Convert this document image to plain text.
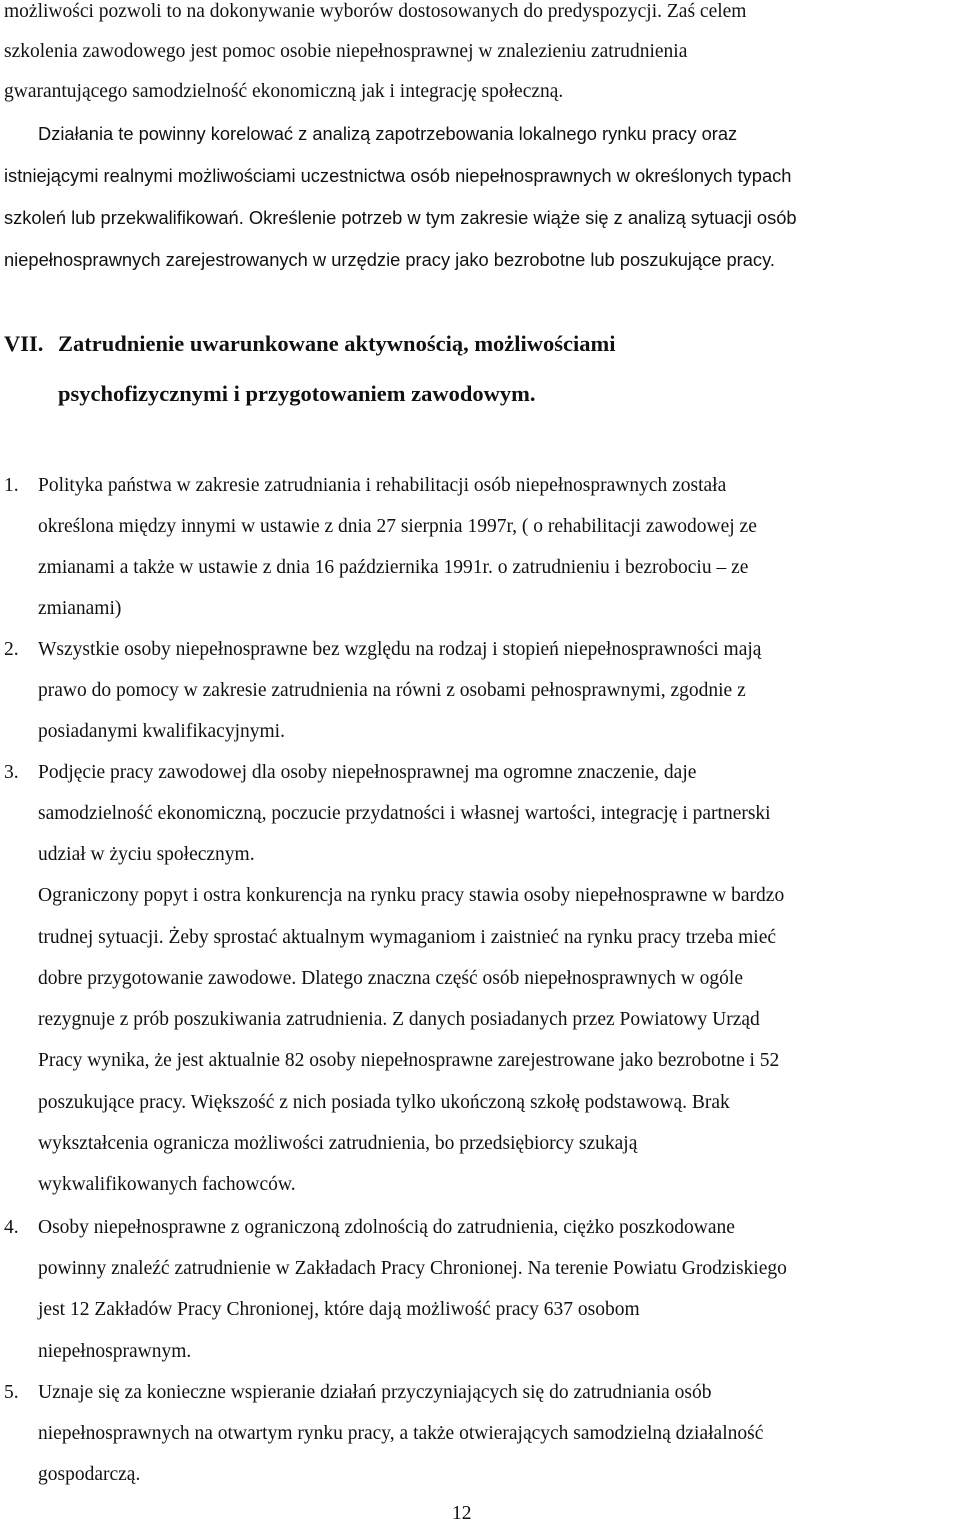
możliwości pozwoli to na dokonywanie wyborów dostosowanych do predyspozycji. Zaś celem
szkolenia zawodowego jest pomoc osobie niepełnosprawnej w znalezieniu zatrudnienia
gwarantującego samodzielność ekonomiczną jak i integrację społeczną.
Działania te powinny korelować z analizą zapotrzebowania lokalnego rynku pracy oraz
istniejącymi realnymi możliwościami uczestnictwa osób niepełnosprawnych w określonych typach
szkoleń lub przekwalifikowań. Określenie potrzeb w tym zakresie wiąże się z analizą sytuacji osób
niepełnosprawnych zarejestrowanych w urzędzie pracy jako bezrobotne lub poszukujące pracy.
VII. Zatrudnienie uwarunkowane aktywnością, możliwościami
psychofizycznymi i przygotowaniem zawodowym.
1. Polityka państwa w zakresie zatrudniania i rehabilitacji osób niepełnosprawnych została
określona między innymi w ustawie z dnia 27 sierpnia 1997r, ( o rehabilitacji zawodowej ze
zmianami a także w ustawie z dnia 16 października 1991r. o zatrudnieniu i bezrobociu – ze
zmianami)
2. Wszystkie osoby niepełnosprawne bez względu na rodzaj i stopień niepełnosprawności mają
prawo do pomocy w zakresie zatrudnienia na równi z osobami pełnosprawnymi, zgodnie z
posiadanymi kwalifikacyjnymi.
3. Podjęcie pracy zawodowej dla osoby niepełnosprawnej ma ogromne znaczenie, daje
samodzielność ekonomiczną, poczucie przydatności i własnej wartości, integrację i partnerski
udział w życiu społecznym.
Ograniczony popyt i ostra konkurencja na rynku pracy stawia osoby niepełnosprawne w bardzo
trudnej sytuacji. Żeby sprostać aktualnym wymaganiom i zaistnieć na rynku pracy trzeba mieć
dobre przygotowanie zawodowe. Dlatego znaczna część osób niepełnosprawnych w ogóle
rezygnuje z prób poszukiwania zatrudnienia. Z danych posiadanych przez Powiatowy Urząd
Pracy wynika, że jest aktualnie 82 osoby niepełnosprawne zarejestrowane jako bezrobotne i 52
poszukujące pracy. Większość z nich posiada tylko ukończoną szkołę podstawową. Brak
wykształcenia ogranicza możliwości zatrudnienia, bo przedsiębiorcy szukają
wykwalifikowanych fachowców.
4. Osoby niepełnosprawne z ograniczoną zdolnością do zatrudnienia, ciężko poszkodowane
powinny znaleźć zatrudnienie w Zakładach Pracy Chronionej. Na terenie Powiatu Grodziskiego
jest 12 Zakładów Pracy Chronionej, które dają możliwość pracy 637 osobom
niepełnosprawnym.
5. Uznaje się za konieczne wspieranie działań przyczyniających się do zatrudniania osób
niepełnosprawnych na otwartym rynku pracy, a także otwierających samodzielną działalność
gospodarczą.
12
